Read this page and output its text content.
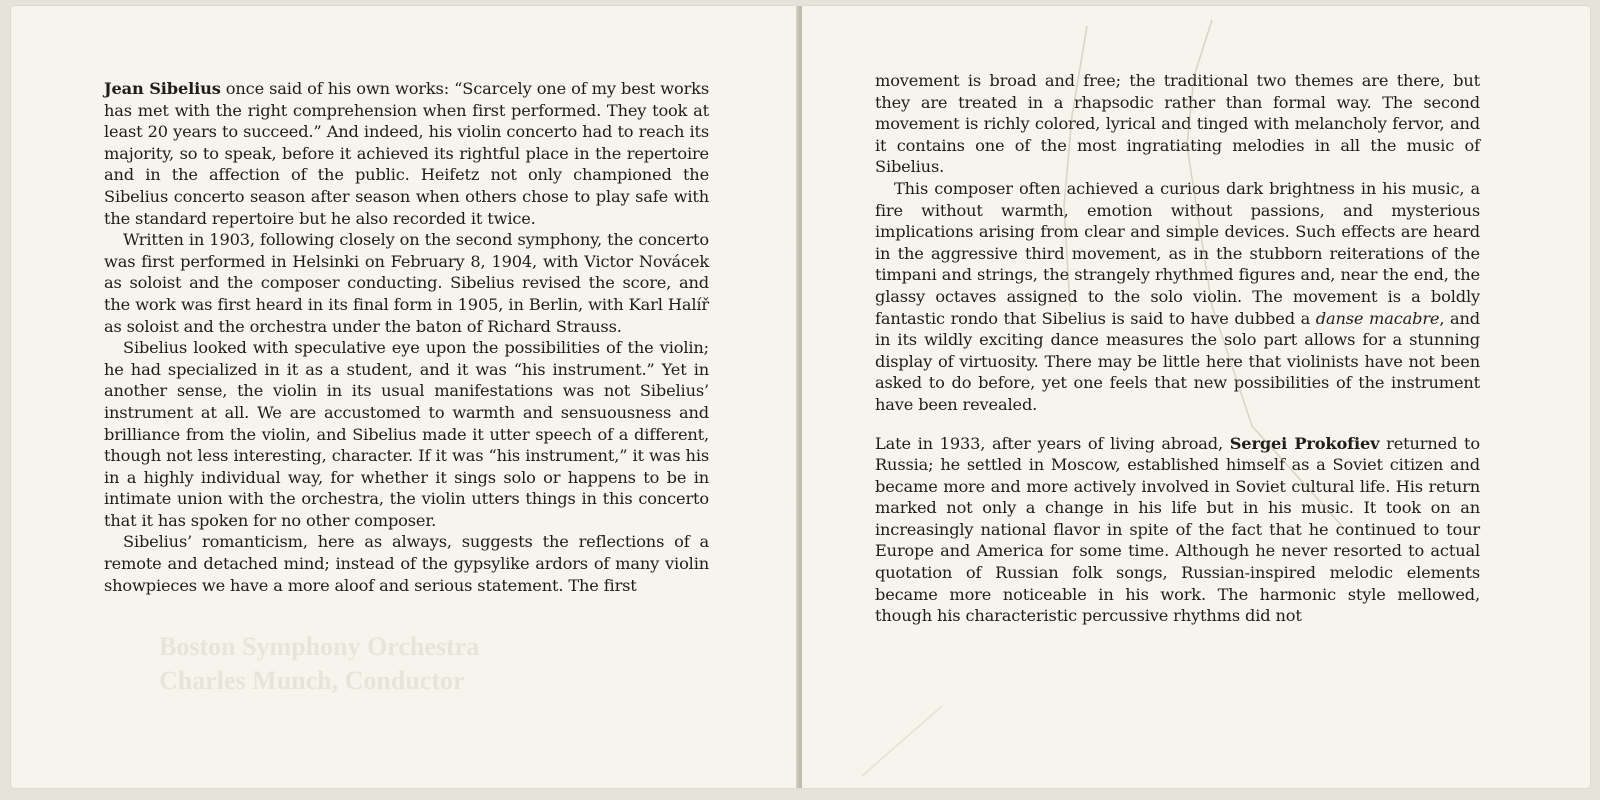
Boston Symphony Orchestra
Charles Munch, Conductor

Jean Sibelius once said of his own works: “Scarcely one of my best works has met with the right comprehension when first performed. They took at least 20 years to succeed.” And indeed, his violin concerto had to reach its majority, so to speak, before it achieved its rightful place in the repertoire and in the affection of the public. Heifetz not only championed the Sibelius concerto season after season when others chose to play safe with the standard repertoire but he also recorded it twice.

Written in 1903, following closely on the second symphony, the concerto was first performed in Helsinki on February 8, 1904, with Victor Novácek as soloist and the composer conducting. Sibelius revised the score, and the work was first heard in its final form in 1905, in Berlin, with Karl Halíř as soloist and the orchestra under the baton of Richard Strauss.

Sibelius looked with speculative eye upon the possibilities of the violin; he had specialized in it as a student, and it was “his instrument.” Yet in another sense, the violin in its usual manifestations was not Sibelius’ instrument at all. We are accustomed to warmth and sensuousness and brilliance from the violin, and Sibelius made it utter speech of a different, though not less interesting, character. If it was “his instrument,” it was his in a highly individual way, for whether it sings solo or happens to be in intimate union with the orchestra, the violin utters things in this concerto that it has spoken for no other composer.

Sibelius’ romanticism, here as always, suggests the reflections of a remote and detached mind; instead of the gypsylike ardors of many violin showpieces we have a more aloof and serious statement. The first

movement is broad and free; the traditional two themes are there, but they are treated in a rhapsodic rather than formal way. The second movement is richly colored, lyrical and tinged with melancholy fervor, and it contains one of the most ingratiating melodies in all the music of Sibelius.

This composer often achieved a curious dark brightness in his music, a fire without warmth, emotion without passions, and mysterious implications arising from clear and simple devices. Such effects are heard in the aggressive third movement, as in the stubborn reiterations of the timpani and strings, the strangely rhythmed figures and, near the end, the glassy octaves assigned to the solo violin. The movement is a boldly fantastic rondo that Sibelius is said to have dubbed a danse macabre, and in its wildly exciting dance measures the solo part allows for a stunning display of virtuosity. There may be little here that violinists have not been asked to do before, yet one feels that new possibilities of the instrument have been revealed.

Late in 1933, after years of living abroad, Sergei Prokofiev returned to Russia; he settled in Moscow, established himself as a Soviet citizen and became more and more actively involved in Soviet cultural life. His return marked not only a change in his life but in his music. It took on an increasingly national flavor in spite of the fact that he continued to tour Europe and America for some time. Although he never resorted to actual quotation of Russian folk songs, Russian-inspired melodic elements became more noticeable in his work. The harmonic style mellowed, though his characteristic percussive rhythms did not
